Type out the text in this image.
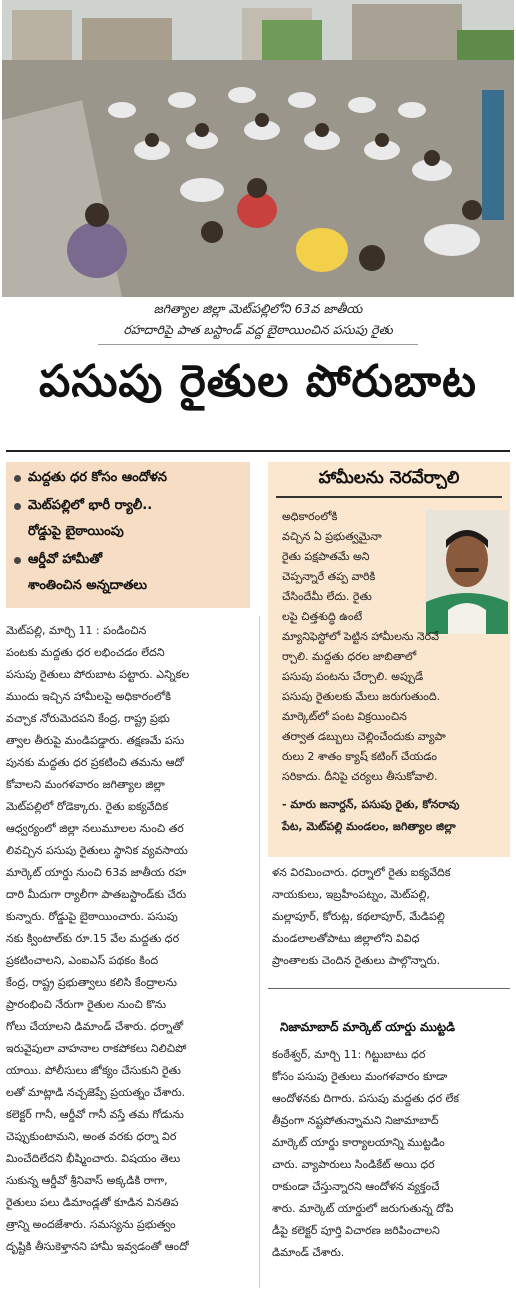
జగిత్యాల జిల్లా మెట్‌పల్లిలోని 63వ జాతీయ
రహదారిపై పాత బస్టాండ్ వద్ద బైఠాయించిన పసుపు రైతు
పసుపు రైతుల పోరుబాట
మద్దతు ధర కోసం ఆందోళన
మెట్‌పల్లిలో భారీ ర్యాలీ..
రోడ్డుపై బైఠాయింపు
ఆర్డీవో హామీతో
శాంతించిన అన్నదాతలు
హామీలను నెరవేర్చాలి
అధికారంలోకి
వచ్చిన ఏ ప్రభుత్వమైనా
రైతు పక్షపాతమే అని
చెప్పన్నారే తప్ప వారికి
చేసిందేమీ లేదు. రైతు
లపై చిత్తశుద్ధి ఉంటే
మ్యానిఫెస్టోలో పెట్టిన హామీలను నెరవే
ర్చాలి. మద్దతు ధరల జాబితాలో
పసుపు పంటను చేర్చాలి. అప్పుడే
పసుపు రైతులకు మేలు జరుగుతుంది.
మార్కెట్‌లో పంట విక్రయించిన
తర్వాత డబ్బులు చెల్లించేందుకు వ్యాపా
రులు 2 శాతం క్యాష్ కటింగ్ చేయడం
సరికాదు. దీనిపై చర్యలు తీసుకోవాలి.
- మారు జనార్దన్, పసుపు రైతు, కోనరావు
పేట, మెట్‌పల్లి మండలం, జగిత్యాల జిల్లా
మెట్‌పల్లి, మార్చి 11 : పండించిన
పంటకు మద్దతు ధర లభించడం లేదని
పసుపు రైతులు పోరుబాట పట్టారు. ఎన్నికల
ముందు ఇచ్చిన హామీలపై అధికారంలోకి
వచ్చాక నోరుమెదపని కేంద్ర, రాష్ట్ర ప్రభు
త్వాల తీరుపై మండిపడ్డారు. తక్షణమే పసు
పునకు మద్దతు ధర ప్రకటించి తమను ఆదో
కోవాలని మంగళవారం జగిత్యాల జిల్లా
మెట్‌పల్లిలో రోడెక్కారు. రైతు ఐక్యవేదిక
ఆధ్వర్యంలో జిల్లా నలుమూలల నుంచి తర
లివచ్చిన పసుపు రైతులు స్థానిక వ్యవసాయ
మార్కెట్ యార్డు నుంచి 63వ జాతీయ రహ
దారి మీదుగా ర్యాలీగా పాతబస్టాండ్‌కు చేరు
కున్నారు. రోడ్డుపై బైఠాయించారు. పసుపు
నకు క్వింటాల్‌కు రూ.15 వేల మద్దతు ధర
ప్రకటించాలని, ఎంఐఎస్ పథకం కింద
కేంద్ర, రాష్ట్ర ప్రభుత్వాలు కలిసి కేంద్రాలను
ప్రారంభించి నేరుగా రైతుల నుంచి కొను
గోలు చేయాలని డిమాండ్ చేశారు. ధర్నాతో
ఇరువైపులా వాహనాల రాకపోకలు నిలిచిపో
యాయి. పోలీసులు జోక్యం చేసుకుని రైతు
లతో మాట్లాడి నచ్చజెప్పే ప్రయత్నం చేశారు.
కలెక్టర్ గానీ, ఆర్డీవో గానీ వస్తే తమ గోడును
చెప్పుకుంటామని, అంత వరకు ధర్నా విర
మించేదిలేదని భీష్మించారు. విషయం తెలు
సుకున్న ఆర్డీవో శ్రీనివాస్ అక్కడికి రాగా,
రైతులు పలు డిమాండ్లతో కూడిన వినతిప
త్రాన్ని అందజేశారు. సమస్యను ప్రభుత్వం
దృష్టికి తీసుకెళ్తానని హామీ ఇవ్వడంతో ఆందో
ళన విరమించారు. ధర్నాలో రైతు ఐక్యవేదిక
నాయకులు, ఇబ్రహీంపట్నం, మెట్‌పల్లి,
మల్లాపూర్, కోరుట్ల, కథలాపూర్, మేడిపల్లి
మండలాలతోపాటు జిల్లాలోని వివిధ
ప్రాంతాలకు చెందిన రైతులు పాల్గొన్నారు.
నిజామాబాద్ మార్కెట్ యార్డు ముట్టడి
కంఠేశ్వర్, మార్చి 11: గిట్టుబాటు ధర
కోసం పసుపు రైతులు మంగళవారం కూడా
ఆందోళనకు దిగారు. పసుపు మద్దతు ధర లేక
తీవ్రంగా నష్టపోతున్నామని నిజామాబాద్
మార్కెట్ యార్డు కార్యాలయాన్ని ముట్టడిం
చారు. వ్యాపారులు సిండికేట్ అయి ధర
రాకుండా చేస్తున్నారని ఆందోళన వ్యక్తంచే
శారు. మార్కెట్ యార్డులో జరుగుతున్న దోపి
డీపై కలెక్టర్ పూర్తి విచారణ జరిపించాలని
డిమాండ్ చేశారు.
